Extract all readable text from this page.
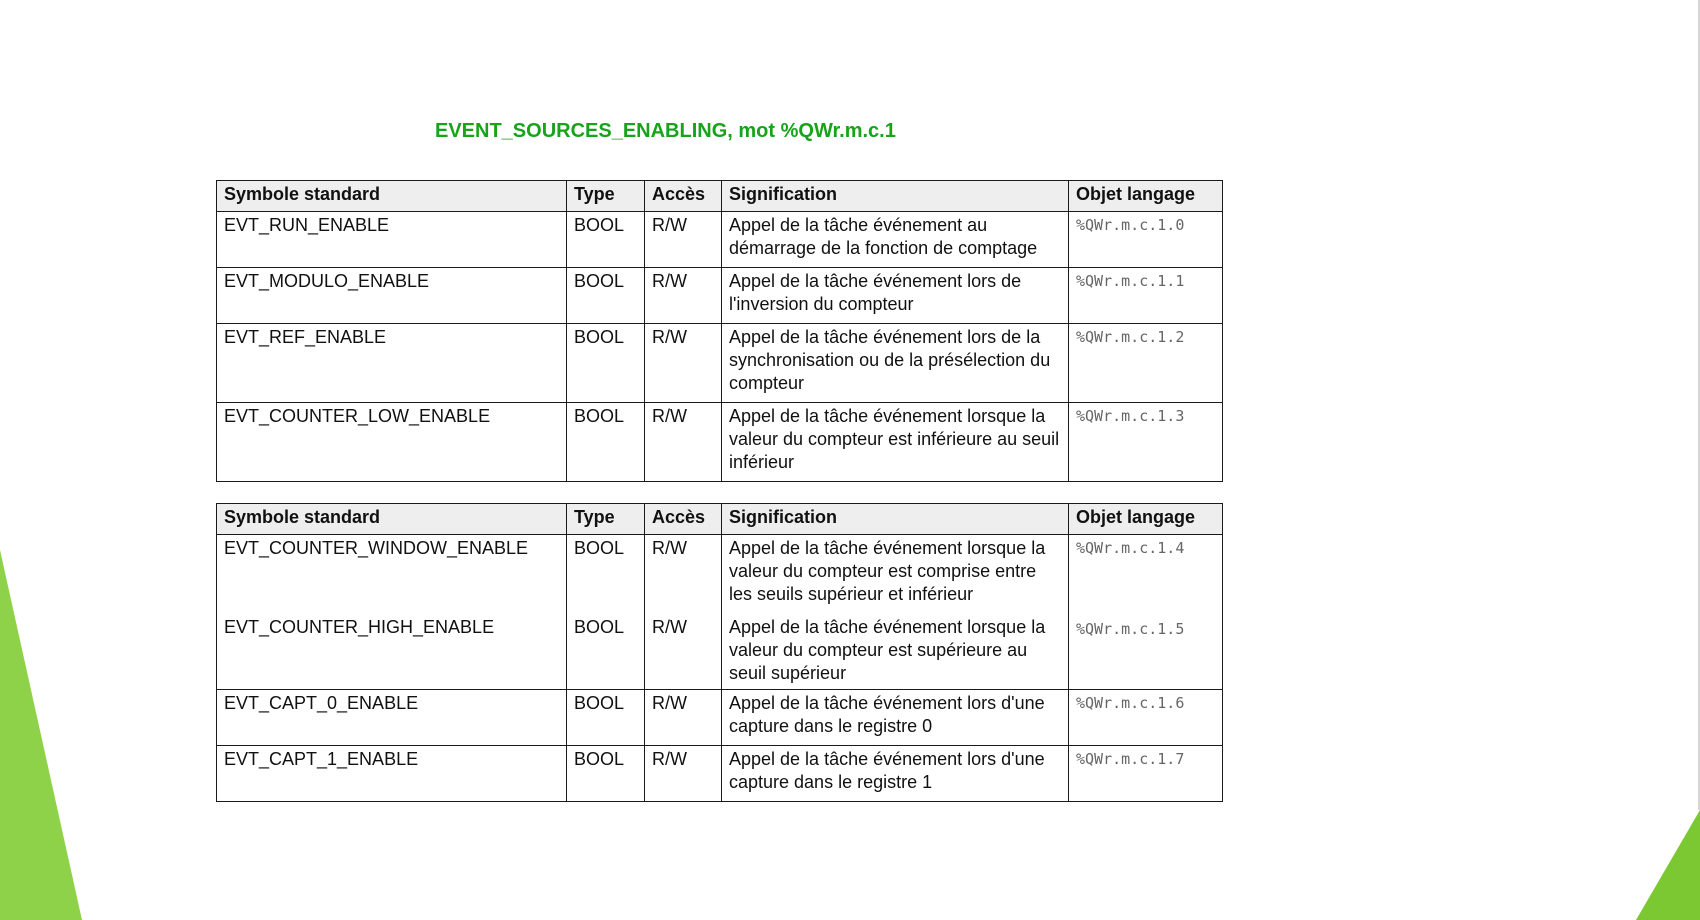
EVENT_SOURCES_ENABLING, mot %QWr.m.c.1
Symbole standard	Type	Accès	Signification	Objet langage
EVT_RUN_ENABLE	BOOL	R/W	Appel de la tâche événement au démarrage de la fonction de comptage	%QWr.m.c.1.0
EVT_MODULO_ENABLE	BOOL	R/W	Appel de la tâche événement lors de l'inversion du compteur	%QWr.m.c.1.1
EVT_REF_ENABLE	BOOL	R/W	Appel de la tâche événement lors de la synchronisation ou de la présélection du compteur	%QWr.m.c.1.2
EVT_COUNTER_LOW_ENABLE	BOOL	R/W	Appel de la tâche événement lorsque la valeur du compteur est inférieure au seuil inférieur	%QWr.m.c.1.3
Symbole standard	Type	Accès	Signification	Objet langage
EVT_COUNTER_WINDOW_ENABLE	BOOL	R/W	Appel de la tâche événement lorsque la valeur du compteur est comprise entre les seuils supérieur et inférieur	%QWr.m.c.1.4
EVT_COUNTER_HIGH_ENABLE	BOOL	R/W	Appel de la tâche événement lorsque la valeur du compteur est supérieure au seuil supérieur	%QWr.m.c.1.5
EVT_CAPT_0_ENABLE	BOOL	R/W	Appel de la tâche événement lors d'une capture dans le registre 0	%QWr.m.c.1.6
EVT_CAPT_1_ENABLE	BOOL	R/W	Appel de la tâche événement lors d'une capture dans le registre 1	%QWr.m.c.1.7
